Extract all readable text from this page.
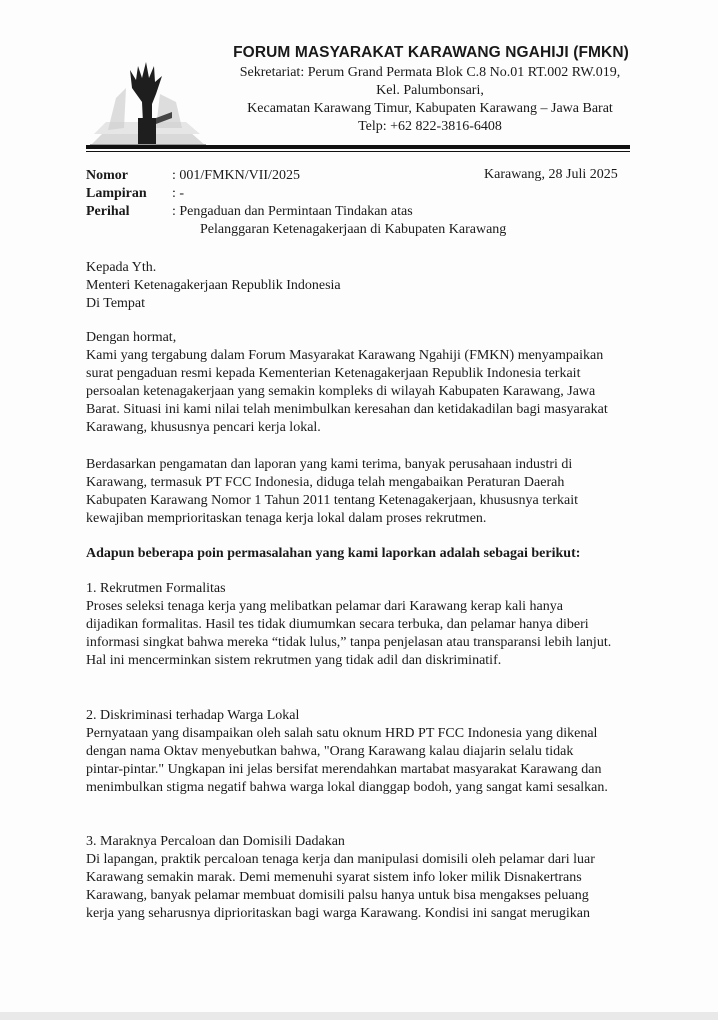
FORUM MASYARAKAT KARAWANG NGAHIJI (FMKN)
Sekretariat: Perum Grand Permata Blok C.8 No.01 RT.002 RW.019,
Kel. Palumbonsari,
Kecamatan Karawang Timur, Kabupaten Karawang – Jawa Barat
Telp: +62 822-3816-6408
Nomor	: 001/FMKN/VII/2025	Karawang, 28 Juli 2025
Lampiran : -
Perihal	: Pengaduan dan Permintaan Tindakan atas
Pelanggaran Ketenagakerjaan di Kabupaten Karawang
Kepada Yth.
Menteri Ketenagakerjaan Republik Indonesia
Di Tempat
Dengan hormat,
Kami yang tergabung dalam Forum Masyarakat Karawang Ngahiji (FMKN) menyampaikan
surat pengaduan resmi kepada Kementerian Ketenagakerjaan Republik Indonesia terkait
persoalan ketenagakerjaan yang semakin kompleks di wilayah Kabupaten Karawang, Jawa
Barat. Situasi ini kami nilai telah menimbulkan keresahan dan ketidakadilan bagi masyarakat
Karawang, khususnya pencari kerja lokal.
Berdasarkan pengamatan dan laporan yang kami terima, banyak perusahaan industri di
Karawang, termasuk PT FCC Indonesia, diduga telah mengabaikan Peraturan Daerah
Kabupaten Karawang Nomor 1 Tahun 2011 tentang Ketenagakerjaan, khususnya terkait
kewajiban memprioritaskan tenaga kerja lokal dalam proses rekrutmen.
Adapun beberapa poin permasalahan yang kami laporkan adalah sebagai berikut:
1. Rekrutmen Formalitas
Proses seleksi tenaga kerja yang melibatkan pelamar dari Karawang kerap kali hanya
dijadikan formalitas. Hasil tes tidak diumumkan secara terbuka, dan pelamar hanya diberi
informasi singkat bahwa mereka “tidak lulus,” tanpa penjelasan atau transparansi lebih lanjut.
Hal ini mencerminkan sistem rekrutmen yang tidak adil dan diskriminatif.
2. Diskriminasi terhadap Warga Lokal
Pernyataan yang disampaikan oleh salah satu oknum HRD PT FCC Indonesia yang dikenal
dengan nama Oktav menyebutkan bahwa, "Orang Karawang kalau diajarin selalu tidak
pintar-pintar." Ungkapan ini jelas bersifat merendahkan martabat masyarakat Karawang dan
menimbulkan stigma negatif bahwa warga lokal dianggap bodoh, yang sangat kami sesalkan.
3. Maraknya Percaloan dan Domisili Dadakan
Di lapangan, praktik percaloan tenaga kerja dan manipulasi domisili oleh pelamar dari luar
Karawang semakin marak. Demi memenuhi syarat sistem info loker milik Disnakertrans
Karawang, banyak pelamar membuat domisili palsu hanya untuk bisa mengakses peluang
kerja yang seharusnya diprioritaskan bagi warga Karawang. Kondisi ini sangat merugikan
